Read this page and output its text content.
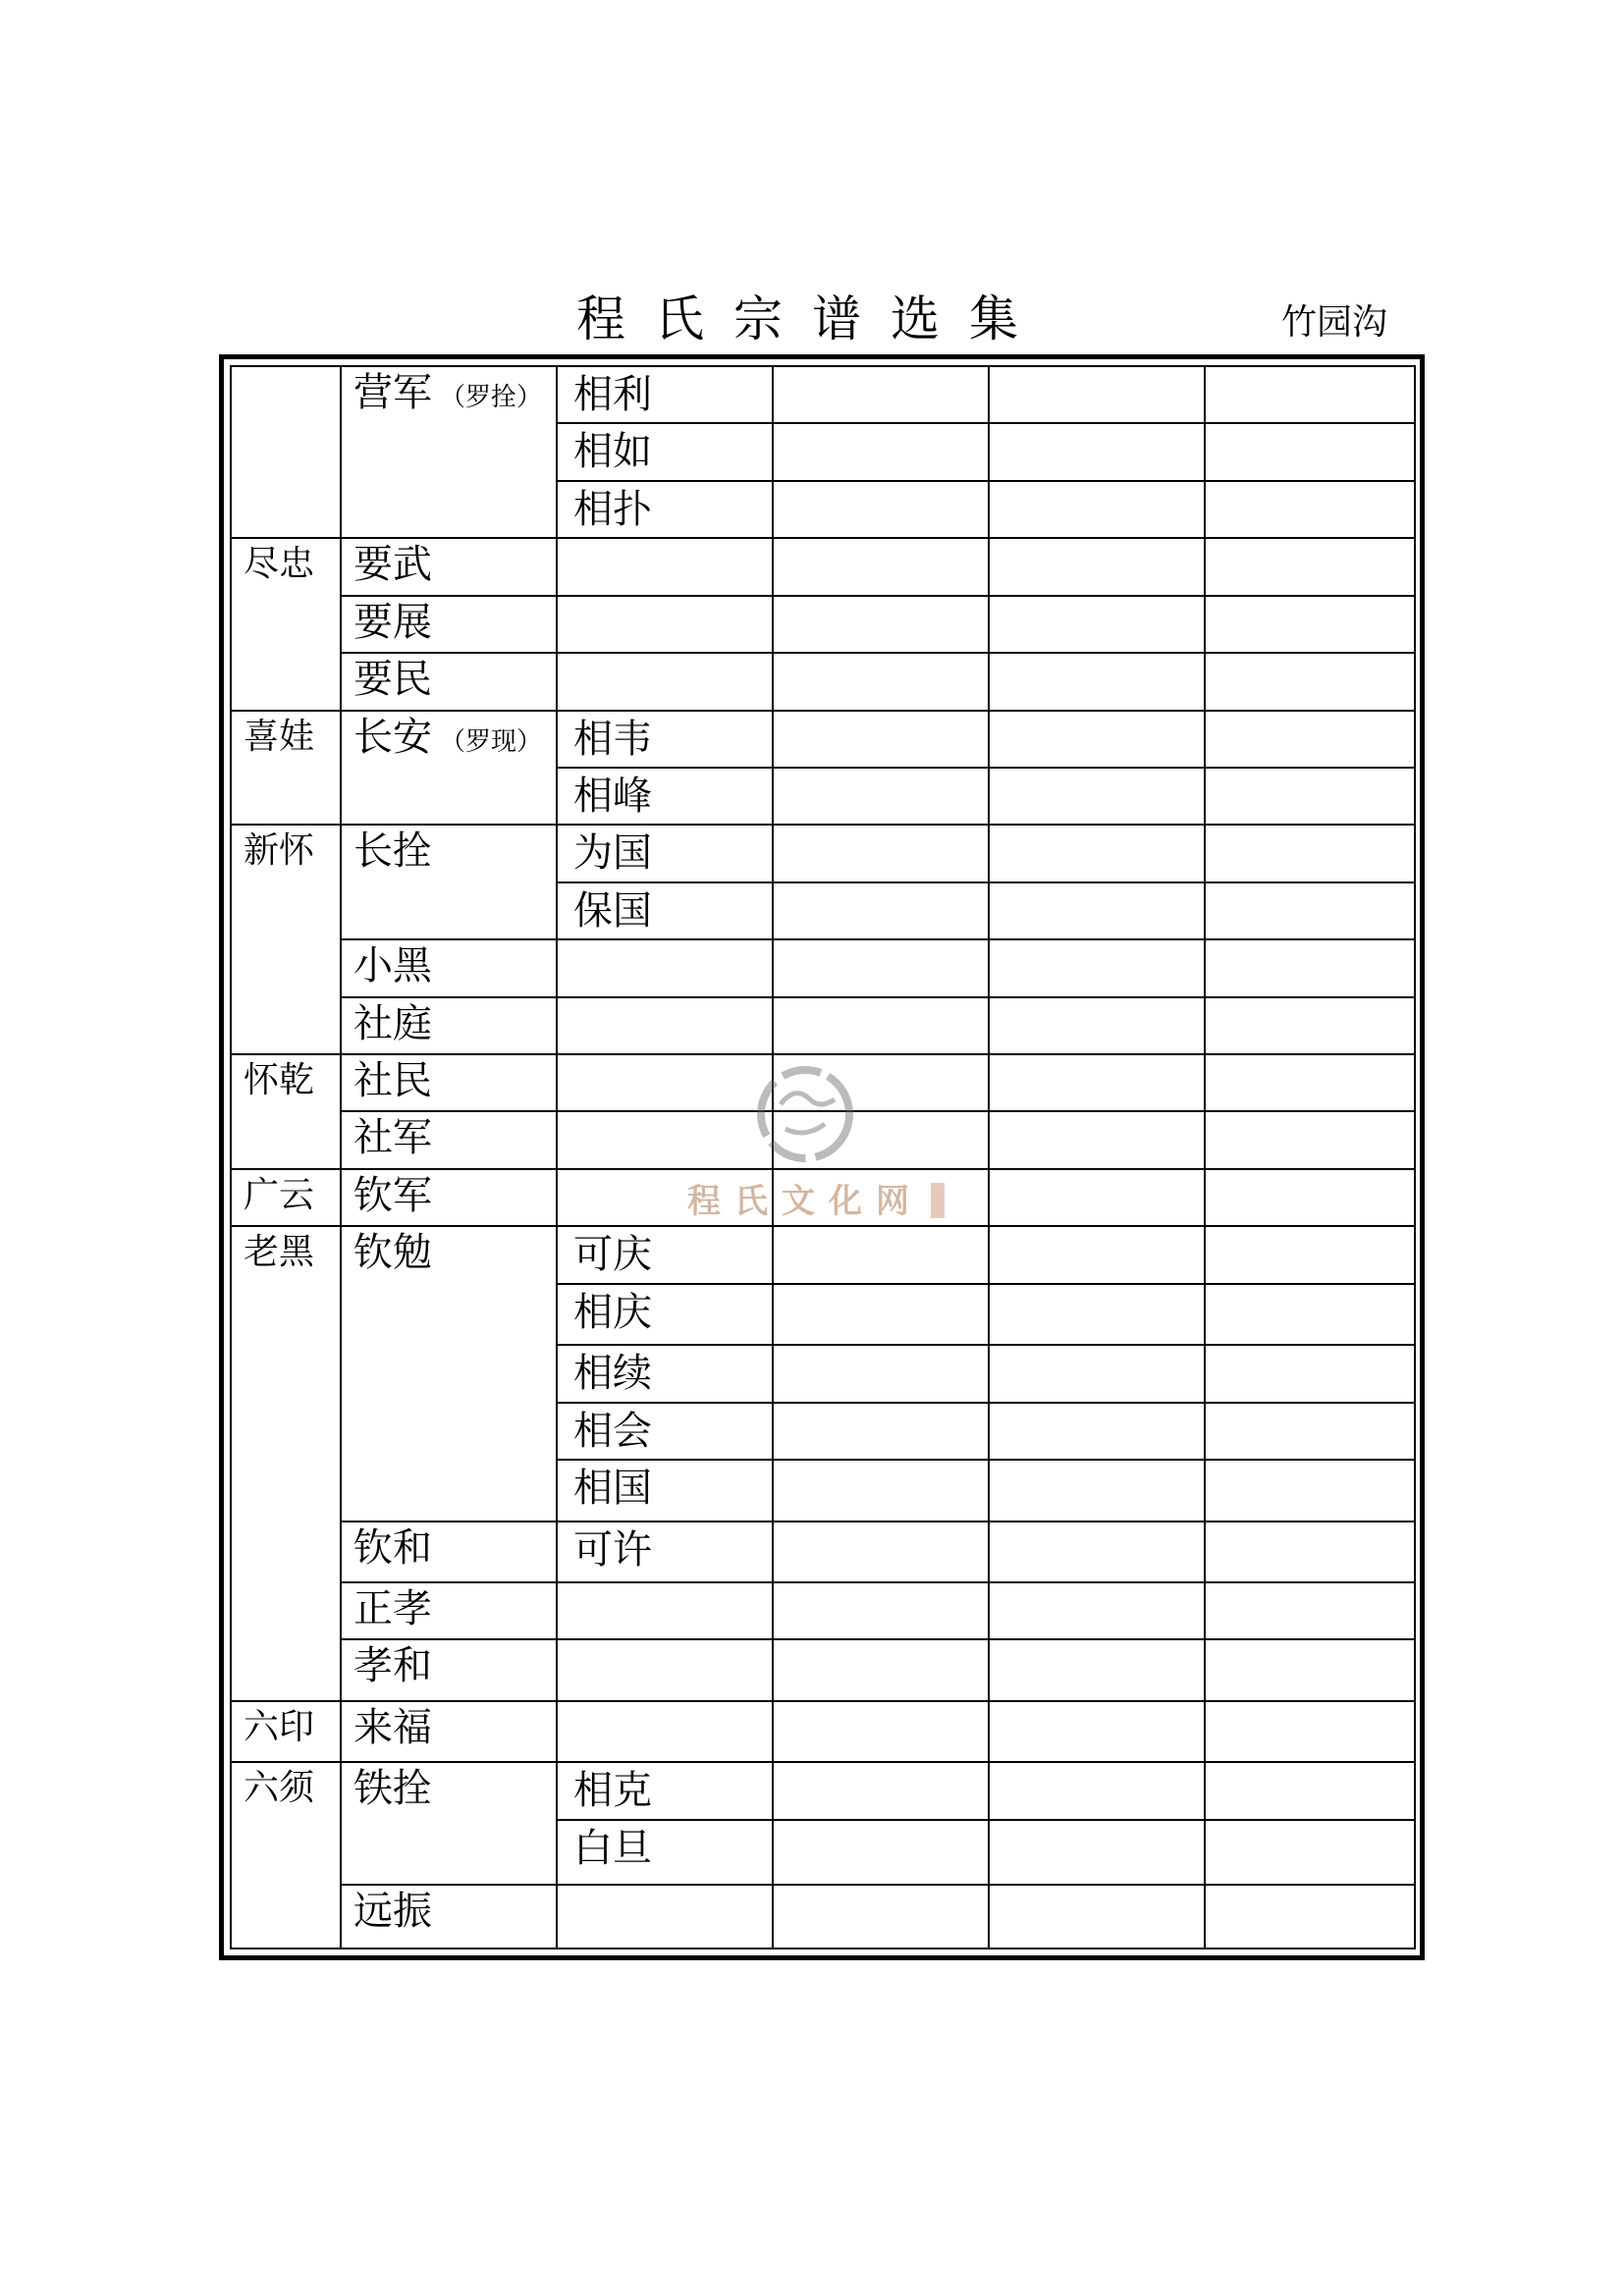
程氏宗谱选集	竹园沟
	营军 （罗拴）	相利			
		相如			
		相扑			
尽忠	要武				
	要展				
	要民				
喜娃	长安 （罗现）	相韦			
		相峰			
新怀	长拴	为国			
		保国			
	小黑				
	社庭				
怀乾	社民				
	社军				
广云	钦军				
老黑	钦勉	可庆			
		相庆			
		相续			
		相会			
		相国			
	钦和	可许			
	正孝				
	孝和				
六印	来福				
六须	铁拴	相克			
		白旦			
	远振				
程氏文化网
